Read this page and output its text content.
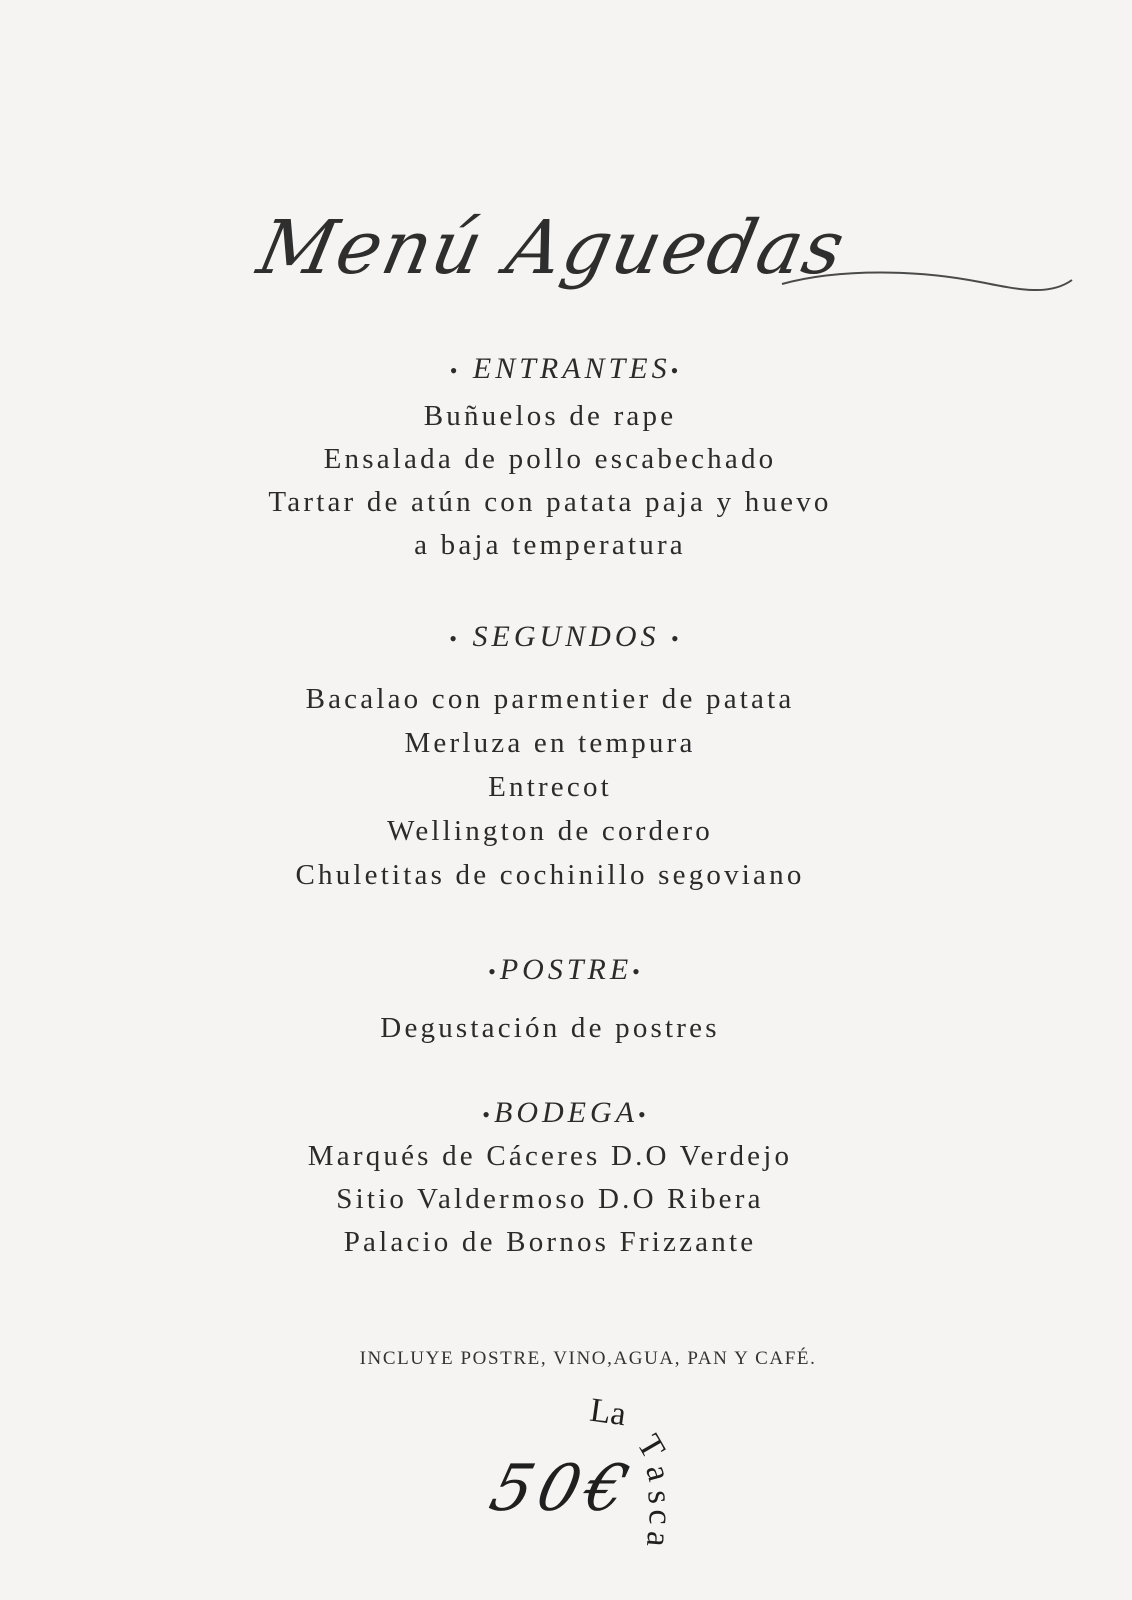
Menú Aguedas
• ENTRANTES•
Buñuelos de rape
Ensalada de pollo escabechado
Tartar de atún con patata paja y huevo
a baja temperatura
• SEGUNDOS •
Bacalao con parmentier de patata
Merluza en tempura
Entrecot
Wellington de cordero
Chuletitas de cochinillo segoviano
•POSTRE•
Degustación de postres
•BODEGA•
Marqués de Cáceres D.O Verdejo
Sitio Valdermoso D.O Ribera
Palacio de Bornos Frizzante
INCLUYE POSTRE, VINO,AGUA, PAN Y CAFÉ.
50€
La
T
a
s
c
a
